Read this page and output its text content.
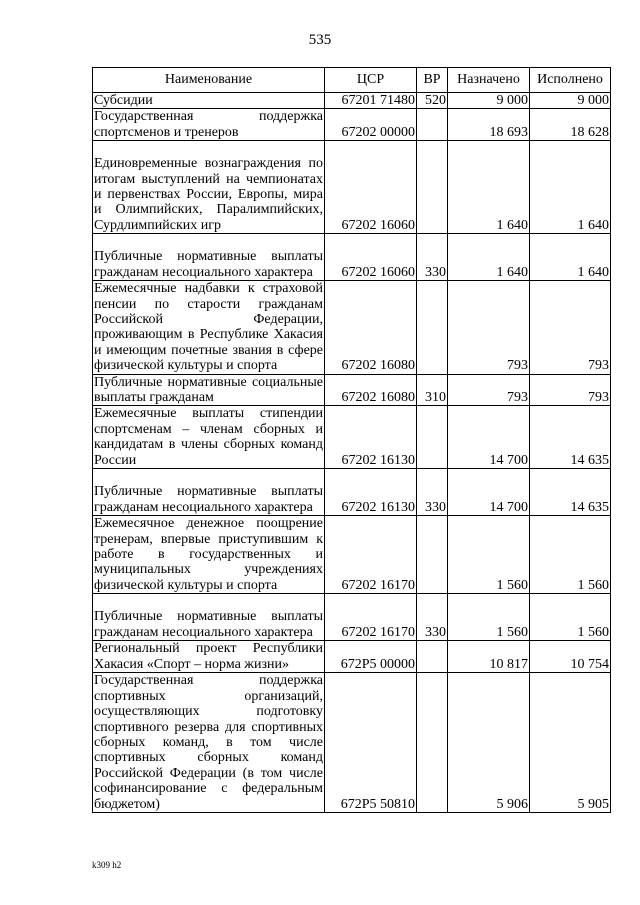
535
Наименование	ЦСР	ВР	Назначено	Исполнено
Субсидии	67201 71480	520	9 000	9 000
Государственная поддержка спортсменов и тренеров	67202 00000		18 693	18 628
Единовременные вознаграждения по итогам выступлений на чемпионатах и первенствах России, Европы, мира и Олимпийских, Паралимпийских, Сурдлимпийских игр	67202 16060		1 640	1 640
Публичные нормативные выплаты гражданам несоциального характера	67202 16060	330	1 640	1 640
Ежемесячные надбавки к страховой пенсии по старости гражданам Российской Федерации, проживающим в Республике Хакасия и имеющим почетные звания в сфере физической культуры и спорта	67202 16080		793	793
Публичные нормативные социальные выплаты гражданам	67202 16080	310	793	793
Ежемесячные выплаты стипендии спортсменам – членам сборных и кандидатам в члены сборных команд России	67202 16130		14 700	14 635
Публичные нормативные выплаты гражданам несоциального характера	67202 16130	330	14 700	14 635
Ежемесячное денежное поощрение тренерам, впервые приступившим к работе в государственных и муниципальных учреждениях физической культуры и спорта	67202 16170		1 560	1 560
Публичные нормативные выплаты гражданам несоциального характера	67202 16170	330	1 560	1 560
Региональный проект Республики Хакасия «Спорт – норма жизни»	672P5 00000		10 817	10 754
Государственная поддержка спортивных организаций, осуществляющих подготовку спортивного резерва для спортивных сборных команд, в том числе спортивных сборных команд Российской Федерации (в том числе софинансирование с федеральным бюджетом)	672P5 50810		5 906	5 905
k309 h2
